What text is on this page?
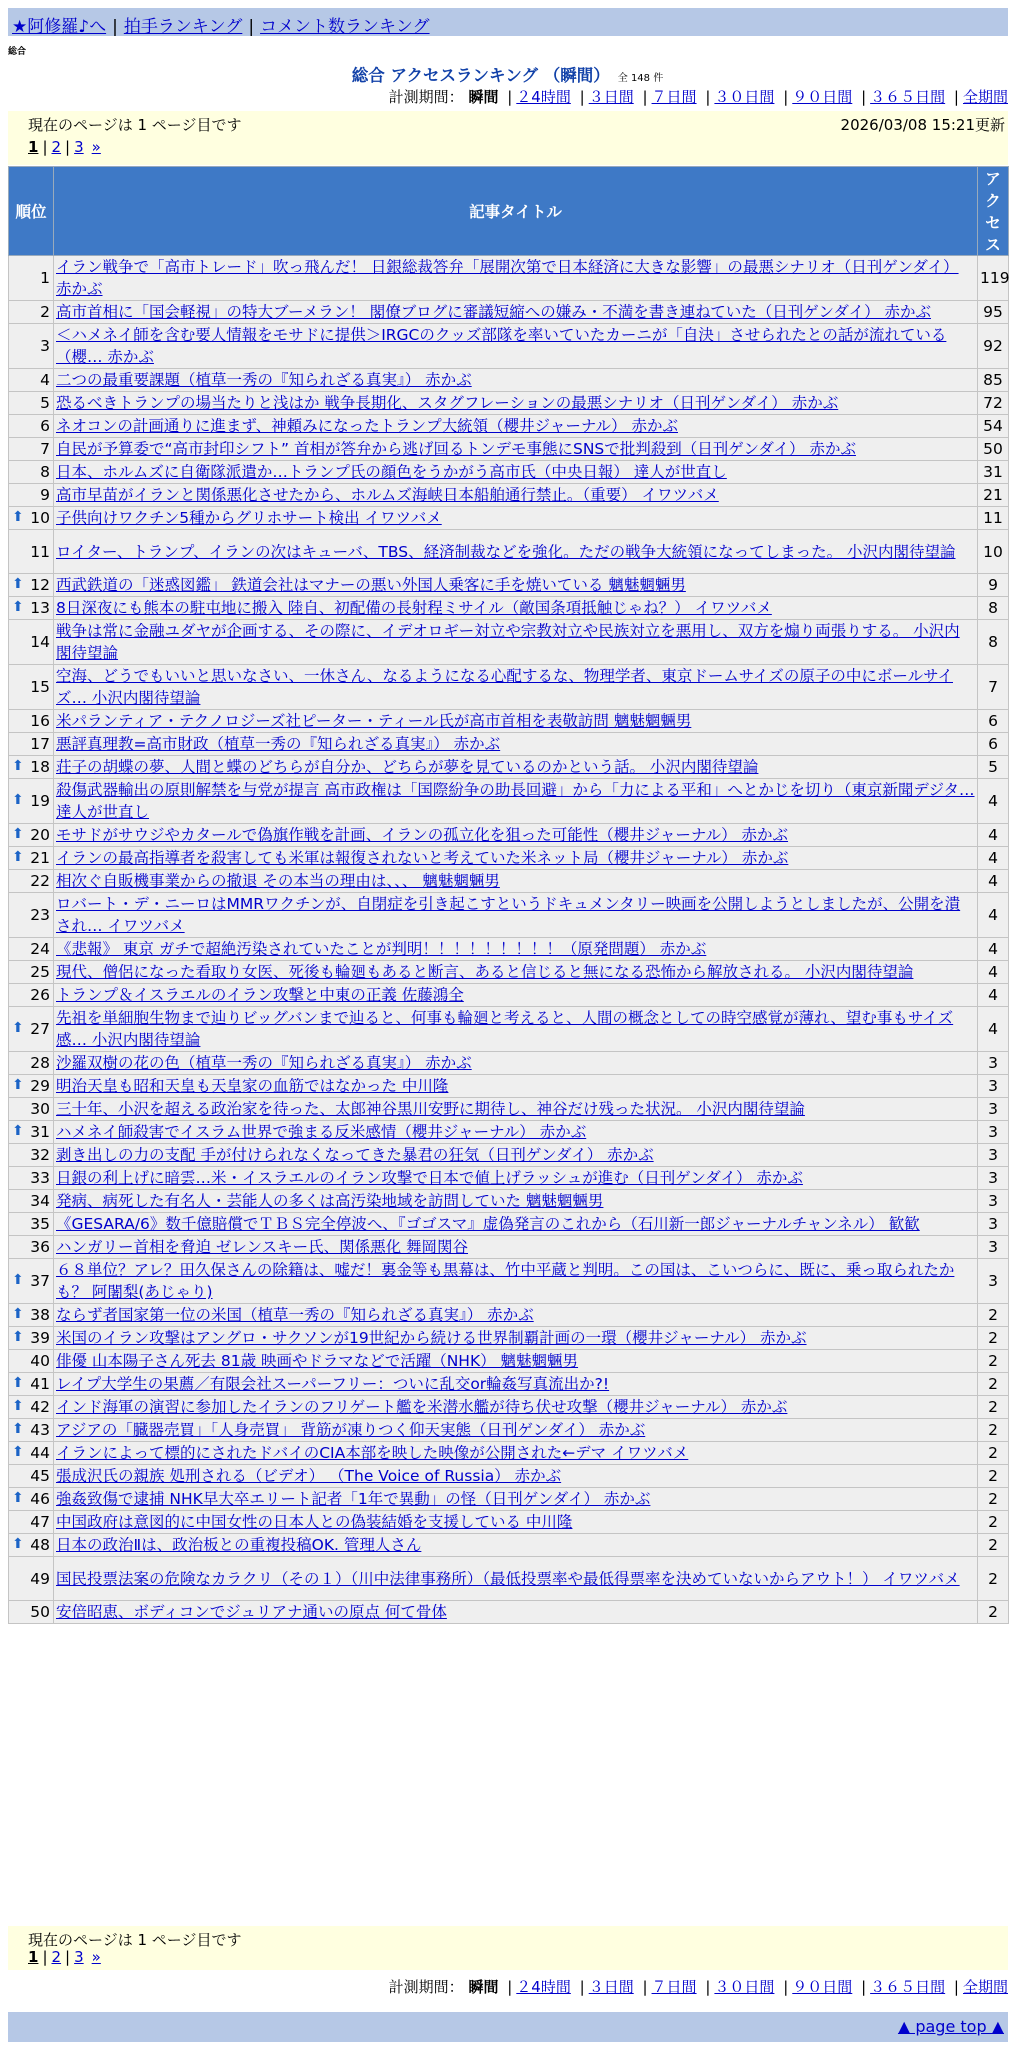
★阿修羅♪へ | 拍手ランキング | コメント数ランキング
総合
総合 アクセスランキング （瞬間） 全 148 件
計測期間： 瞬間 | ２4時間 | ３日間 | ７日間 | ３０日間 | ９０日間 | ３６５日間 | 全期間
現在のページは 1 ページ目です	2026/03/08 15:21更新
1 | 2 | 3 »
順位	記事タイトル	アクセス
1	イラン戦争で「高市トレード」吹っ飛んだ！ 日銀総裁答弁「展開次第で日本経済に大きな影響」の最悪シナリオ（日刊ゲンダイ） 赤かぶ	119
2	高市首相に「国会軽視」の特大ブーメラン！ 閣僚ブログに審議短縮への嫌み・不満を書き連ねていた（日刊ゲンダイ） 赤かぶ	95
3	＜ハメネイ師を含む要人情報をモサドに提供＞IRGCのクッズ部隊を率いていたカーニが「自決」させられたとの話が流れている（櫻… 赤かぶ	92
4	二つの最重要課題（植草一秀の『知られざる真実』） 赤かぶ	85
5	恐るべきトランプの場当たりと浅はか 戦争長期化、スタグフレーションの最悪シナリオ（日刊ゲンダイ） 赤かぶ	72
6	ネオコンの計画通りに進まず、神頼みになったトランプ大統領（櫻井ジャーナル） 赤かぶ	54
7	自民が予算委で“高市封印シフト” 首相が答弁から逃げ回るトンデモ事態にSNSで批判殺到（日刊ゲンダイ） 赤かぶ	50
8	日本、ホルムズに自衛隊派遣か…トランプ氏の顔色をうかがう高市氏（中央日報） 達人が世直し	31
9	高市早苗がイランと関係悪化させたから、ホルムズ海峡日本船舶通行禁止。（重要） イワツバメ	21

⬆ 10	子供向けワクチン5種からグリホサート検出 イワツバメ	11
11	ロイター、トランプ、イランの次はキューバ、TBS、経済制裁などを強化。ただの戦争大統領になってしまった。 小沢内閣待望論	10

⬆ 12	西武鉄道の「迷惑図鑑」 鉄道会社はマナーの悪い外国人乗客に手を焼いている 魑魅魍魎男	9

⬆ 13	8日深夜にも熊本の駐屯地に搬入 陸自、初配備の長射程ミサイル（敵国条項抵触じゃね？） イワツバメ	8
14	戦争は常に金融ユダヤが企画する、その際に、イデオロギー対立や宗教対立や民族対立を悪用し、双方を煽り両張りする。 小沢内閣待望論	8
15	空海、どうでもいいと思いなさい、一休さん、なるようになる心配するな、物理学者、東京ドームサイズの原子の中にボールサイズ… 小沢内閣待望論	7
16	米パランティア・テクノロジーズ社ピーター・ティール氏が高市首相を表敬訪問 魑魅魍魎男	6
17	悪評真理教=高市財政（植草一秀の『知られざる真実』） 赤かぶ	6

⬆ 18	荘子の胡蝶の夢、人間と蝶のどちらが自分か、どちらが夢を見ているのかという話。 小沢内閣待望論	5

⬆ 19	殺傷武器輸出の原則解禁を与党が提言 高市政権は「国際紛争の助長回避」から「力による平和」へとかじを切り（東京新聞デジタ… 達人が世直し	4

⬆ 20	モサドがサウジやカタールで偽旗作戦を計画、イランの孤立化を狙った可能性（櫻井ジャーナル） 赤かぶ	4

⬆ 21	イランの最高指導者を殺害しても米軍は報復されないと考えていた米ネット局（櫻井ジャーナル） 赤かぶ	4
22	相次ぐ自販機事業からの撤退 その本当の理由は、、、 魑魅魍魎男	4
23	ロバート・デ・ニーロはMMRワクチンが、自閉症を引き起こすというドキュメンタリー映画を公開しようとしましたが、公開を潰され… イワツバメ	4
24	《悲報》 東京 ガチで超絶汚染されていたことが判明！！！！！！！！！（原発問題） 赤かぶ	4
25	現代、僧侶になった看取り女医、死後も輪廻もあると断言、あると信じると無になる恐怖から解放される。 小沢内閣待望論	4
26	トランプ＆イスラエルのイラン攻撃と中東の正義 佐藤鴻全	4

⬆ 27	先祖を単細胞生物まで辿りビッグバンまで辿ると、何事も輪廻と考えると、人間の概念としての時空感覚が薄れ、望む事もサイズ感… 小沢内閣待望論	4
28	沙羅双樹の花の色（植草一秀の『知られざる真実』） 赤かぶ	3

⬆ 29	明治天皇も昭和天皇も天皇家の血筋ではなかった 中川隆	3
30	三十年、小沢を超える政治家を待った、太郎神谷黒川安野に期待し、神谷だけ残った状況。 小沢内閣待望論	3

⬆ 31	ハメネイ師殺害でイスラム世界で強まる反米感情（櫻井ジャーナル） 赤かぶ	3
32	剥き出しの力の支配 手が付けられなくなってきた暴君の狂気（日刊ゲンダイ） 赤かぶ	3
33	日銀の利上げに暗雲…米・イスラエルのイラン攻撃で日本で値上げラッシュが進む（日刊ゲンダイ） 赤かぶ	3
34	発病、病死した有名人・芸能人の多くは高汚染地域を訪問していた 魑魅魍魎男	3
35	《GESARA/6》数千億賠償でＴＢＳ完全停波へ、『ゴゴスマ』虚偽発言のこれから（石川新一郎ジャーナルチャンネル） 歓歓	3
36	ハンガリー首相を脅迫 ゼレンスキー氏、関係悪化 舞岡関谷	3

⬆ 37	６８単位？アレ？田久保さんの除籍は、嘘だ！裏金等も黒幕は、竹中平蔵と判明。この国は、こいつらに、既に、乗っ取られたかも？ 阿闍梨(あじゃり)	3

⬆ 38	ならず者国家第一位の米国（植草一秀の『知られざる真実』） 赤かぶ	2

⬆ 39	米国のイラン攻撃はアングロ・サクソンが19世紀から続ける世界制覇計画の一環（櫻井ジャーナル） 赤かぶ	2
40	俳優 山本陽子さん死去 81歳 映画やドラマなどで活躍（NHK） 魑魅魍魎男	2

⬆ 41	レイプ大学生の果薦／有限会社スーパーフリー：ついに乱交or輪姦写真流出か?!	2

⬆ 42	インド海軍の演習に参加したイランのフリゲート艦を米潜水艦が待ち伏せ攻撃（櫻井ジャーナル） 赤かぶ	2

⬆ 43	アジアの「臓器売買」「人身売買」 背筋が凍りつく仰天実態（日刊ゲンダイ） 赤かぶ	2

⬆ 44	イランによって標的にされたドバイのCIA本部を映した映像が公開された←デマ イワツバメ	2
45	張成沢氏の親族 処刑される（ビデオ） （The Voice of Russia） 赤かぶ	2

⬆ 46	強姦致傷で逮捕 NHK早大卒エリート記者「1年で異動」の怪（日刊ゲンダイ） 赤かぶ	2
47	中国政府は意図的に中国女性の日本人との偽装結婚を支援している 中川隆	2

⬆ 48	日本の政治Ⅱは、政治板との重複投稿OK. 管理人さん	2
49	国民投票法案の危険なカラクリ（その１）（川中法律事務所）（最低投票率や最低得票率を決めていないからアウト！） イワツバメ	2
50	安倍昭恵、ボディコンでジュリアナ通いの原点 何て骨体	2
現在のページは 1 ページ目です
1 | 2 | 3 »
計測期間： 瞬間 | ２4時間 | ３日間 | ７日間 | ３０日間 | ９０日間 | ３６５日間 | 全期間
▲ page top ▲
